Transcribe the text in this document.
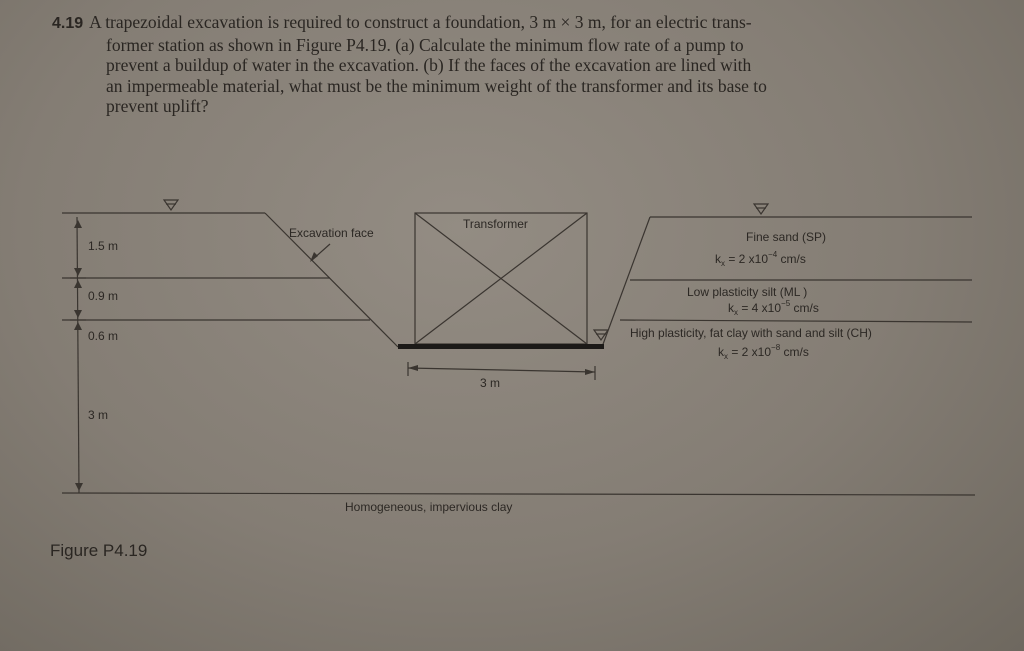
4.19 A trapezoidal excavation is required to construct a foundation, 3 m × 3 m, for an electric trans-
former station as shown in Figure P4.19. (a) Calculate the minimum flow rate of a pump to
prevent a buildup of water in the excavation. (b) If the faces of the excavation are lined with
an impermeable material, what must be the minimum weight of the transformer and its base to
prevent uplift?
Excavation face
Transformer
3 m
Homogeneous, impervious clay
1.5 m
0.9 m
0.6 m
3 m
Fine sand (SP)
$k_x = 2$ $x10^{-4}$ cm/s
Low plasticity silt (ML )
$k_x = 4$ $x10^{-5}$ cm/s
High plasticity, fat clay with sand and silt (CH)
$k_x = 2$ $x10^{-8}$ cm/s
Figure P4.19
